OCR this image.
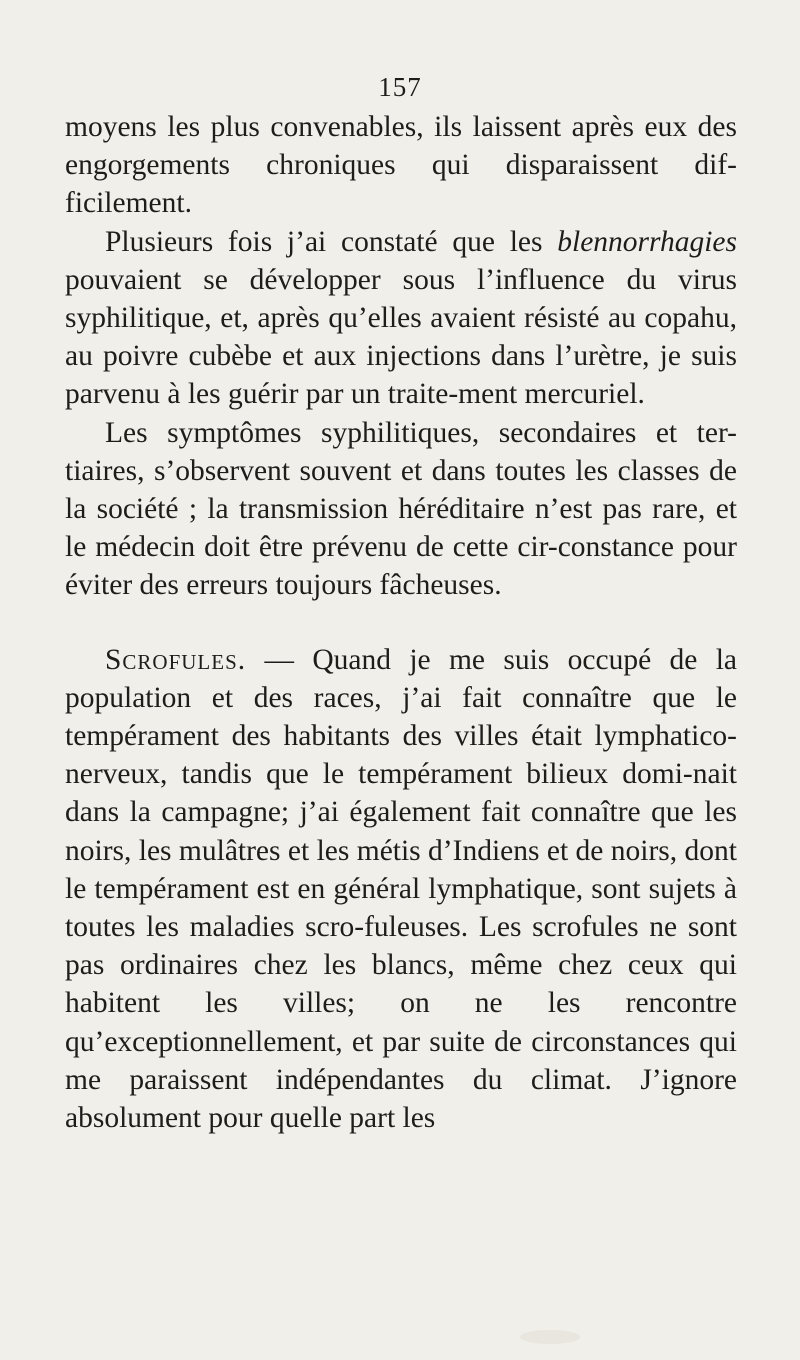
157

moyens les plus convenables, ils laissent après eux des engorgements chroniques qui disparaissent dif-ficilement.

Plusieurs fois j’ai constaté que les blennorrhagies pouvaient se développer sous l’influence du virus syphilitique, et, après qu’elles avaient résisté au copahu, au poivre cubèbe et aux injections dans l’urètre, je suis parvenu à les guérir par un traite-ment mercuriel.

Les symptômes syphilitiques, secondaires et ter-tiaires, s’observent souvent et dans toutes les classes de la société ; la transmission héréditaire n’est pas rare, et le médecin doit être prévenu de cette cir-constance pour éviter des erreurs toujours fâcheuses.

Scrofules. — Quand je me suis occupé de la population et des races, j’ai fait connaître que le tempérament des habitants des villes était lymphatico-nerveux, tandis que le tempérament bilieux domi-nait dans la campagne; j’ai également fait connaître que les noirs, les mulâtres et les métis d’Indiens et de noirs, dont le tempérament est en général lymphatique, sont sujets à toutes les maladies scro-fuleuses. Les scrofules ne sont pas ordinaires chez les blancs, même chez ceux qui habitent les villes; on ne les rencontre qu’exceptionnellement, et par suite de circonstances qui me paraissent indépendantes du climat. J’ignore absolument pour quelle part les
